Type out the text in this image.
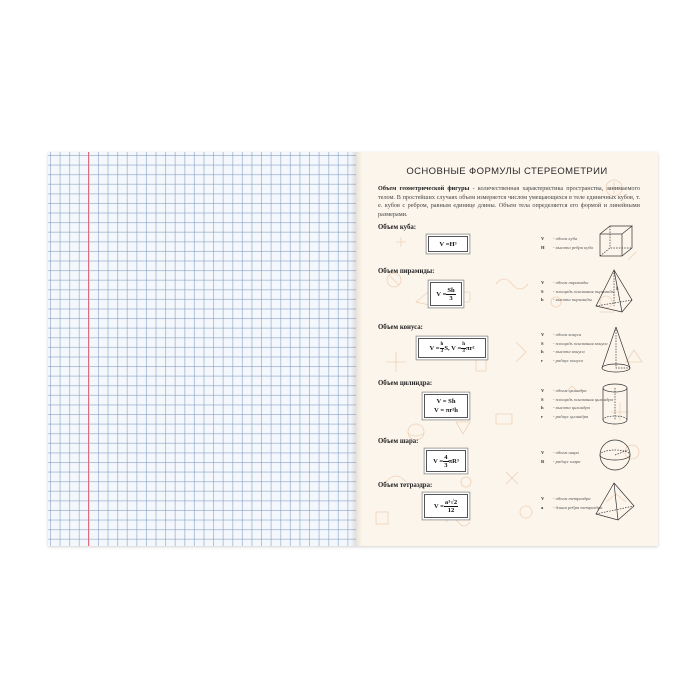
ОСНОВНЫЕ ФОРМУЛЫ СТЕРЕОМЕТРИИ
Объем геометрической фигуры - количественная характеристика пространства, занимаемого телом. В простейших случаях объем измеряется числом умещающихся в теле единичных кубов, т. е. кубов с ребром, равным единице длины. Объем тела определяется его формой и линейными размерами.
Объем куба:
V = H³
V	- объем куба
H	- высота ребра куба
Объем пирамиды:
$V = \frac{Sh}{3}$
V	- объем пирамиды
S	- площадь основания пирамиды
h	- высота пирамиды
h
Объем конуса:
$V = \frac{h}{3} S$, $V = \frac{h}{3} \pi r^2$
V	- объем конуса
S	- площадь основания конуса
h	- высота конуса
r	- радиус конуса
Объем цилиндра:
V = Sh
V = πr²h
V	- объем цилиндра
S	- площадь основания цилиндра
h	- высота цилиндра
r	- радиус цилиндра
Объем шара:
$V = \frac{4}{3} \pi R^3$
V	- объем шара
R	- радиус шара
Объем тетраэдра:
$V = \frac{\text{a³√2}}{12}$	V	- объем тетраэдра
a	- длина ребра тетраэдра
